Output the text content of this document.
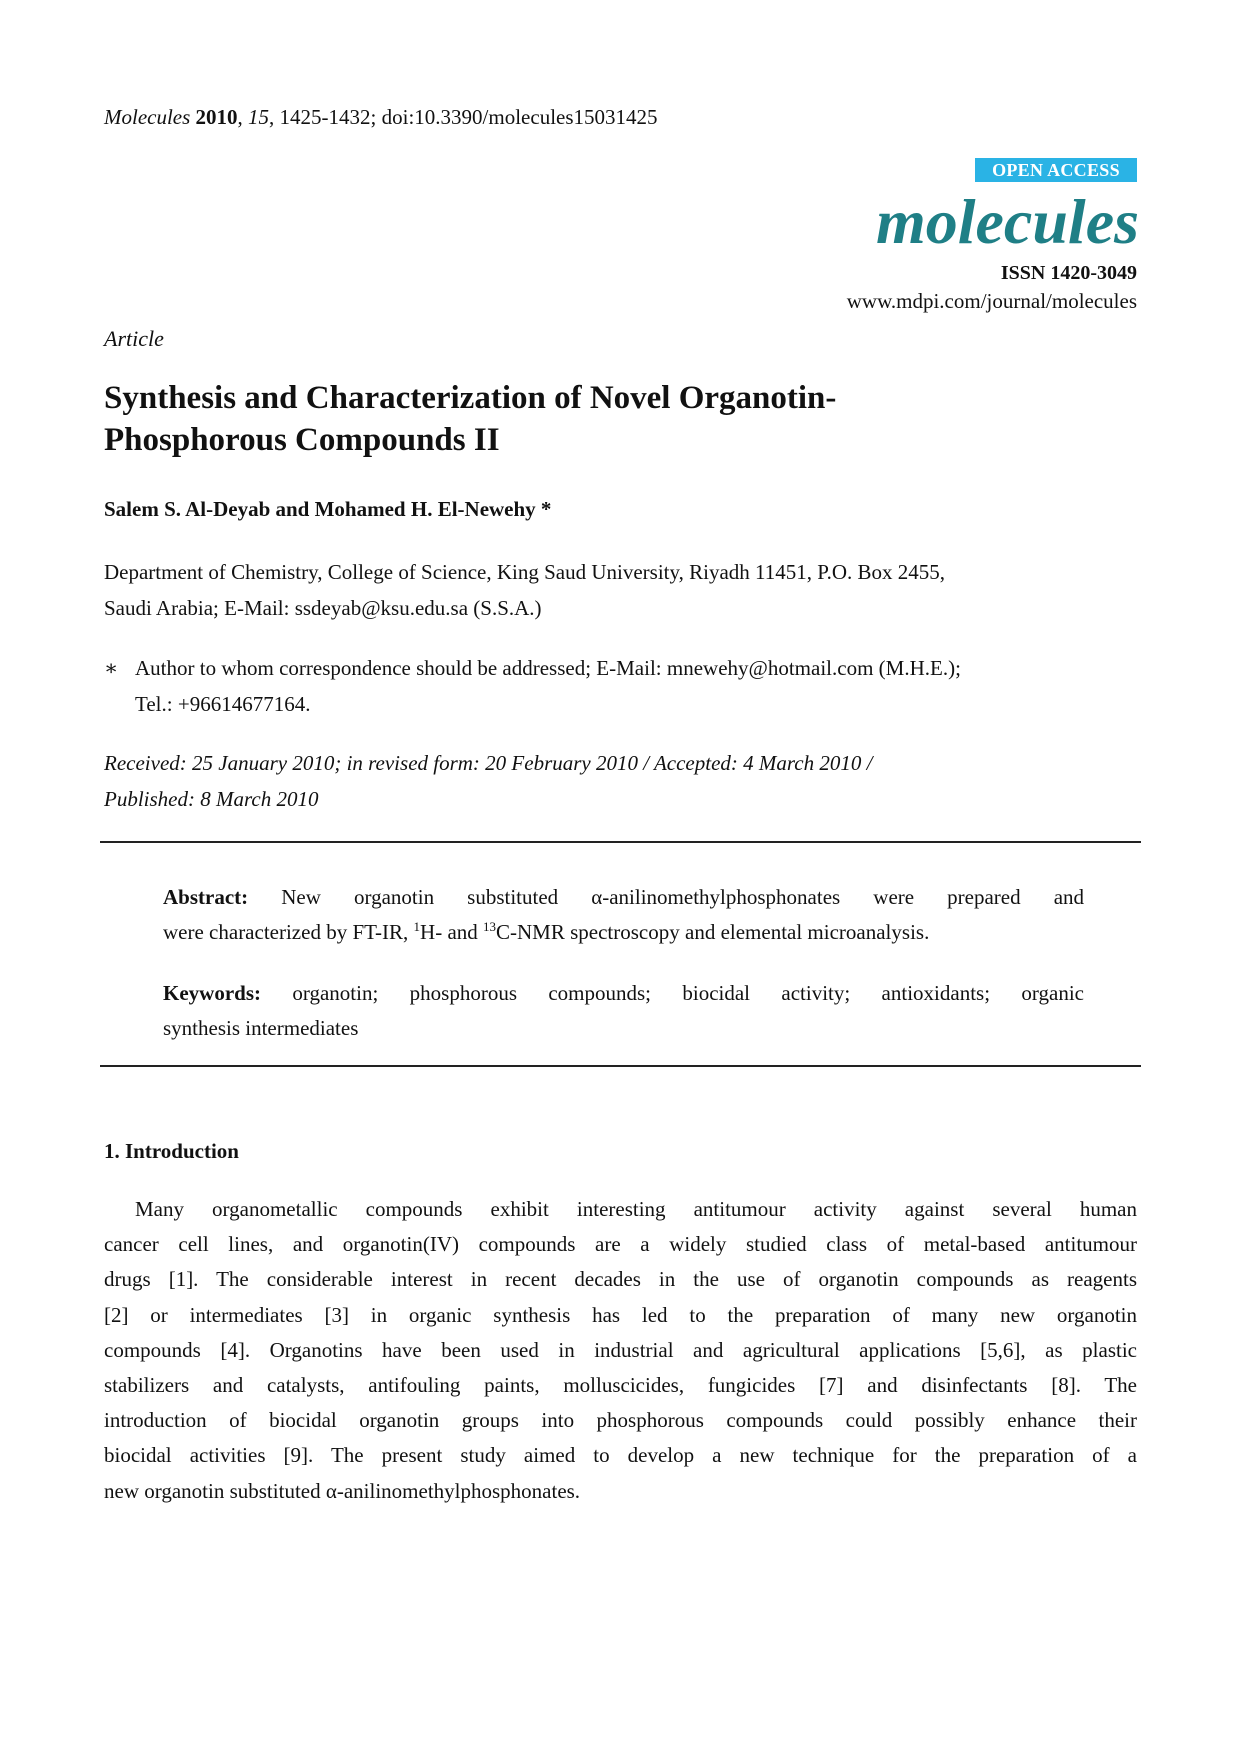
Molecules 2010, 15, 1425-1432; doi:10.3390/molecules15031425
OPEN ACCESS
molecules
ISSN 1420-3049
www.mdpi.com/journal/molecules
Article
Synthesis and Characterization of Novel Organotin-
Phosphorous Compounds II
Salem S. Al-Deyab and Mohamed H. El-Newehy *
Department of Chemistry, College of Science, King Saud University, Riyadh 11451, P.O. Box 2455,
Saudi Arabia; E-Mail: ssdeyab@ksu.edu.sa (S.S.A.)
∗ Author to whom correspondence should be addressed; E-Mail: mnewehy@hotmail.com (M.H.E.);
Tel.: +96614677164.
Received: 25 January 2010; in revised form: 20 February 2010 / Accepted: 4 March 2010 /
Published: 8 March 2010
Abstract: New organotin substituted α-anilinomethylphosphonates were prepared and
were characterized by FT-IR, $^1$H- and $^{13}$C-NMR spectroscopy and elemental microanalysis.
Keywords: organotin; phosphorous compounds; biocidal activity; antioxidants; organic
synthesis intermediates
1. Introduction
Many organometallic compounds exhibit interesting antitumour activity against several human
cancer cell lines, and organotin(IV) compounds are a widely studied class of metal-based antitumour
drugs [1]. The considerable interest in recent decades in the use of organotin compounds as reagents
[2] or intermediates [3] in organic synthesis has led to the preparation of many new organotin
compounds [4]. Organotins have been used in industrial and agricultural applications [5,6], as plastic
stabilizers and catalysts, antifouling paints, molluscicides, fungicides [7] and disinfectants [8]. The
introduction of biocidal organotin groups into phosphorous compounds could possibly enhance their
biocidal activities [9]. The present study aimed to develop a new technique for the preparation of a
new organotin substituted α-anilinomethylphosphonates.
